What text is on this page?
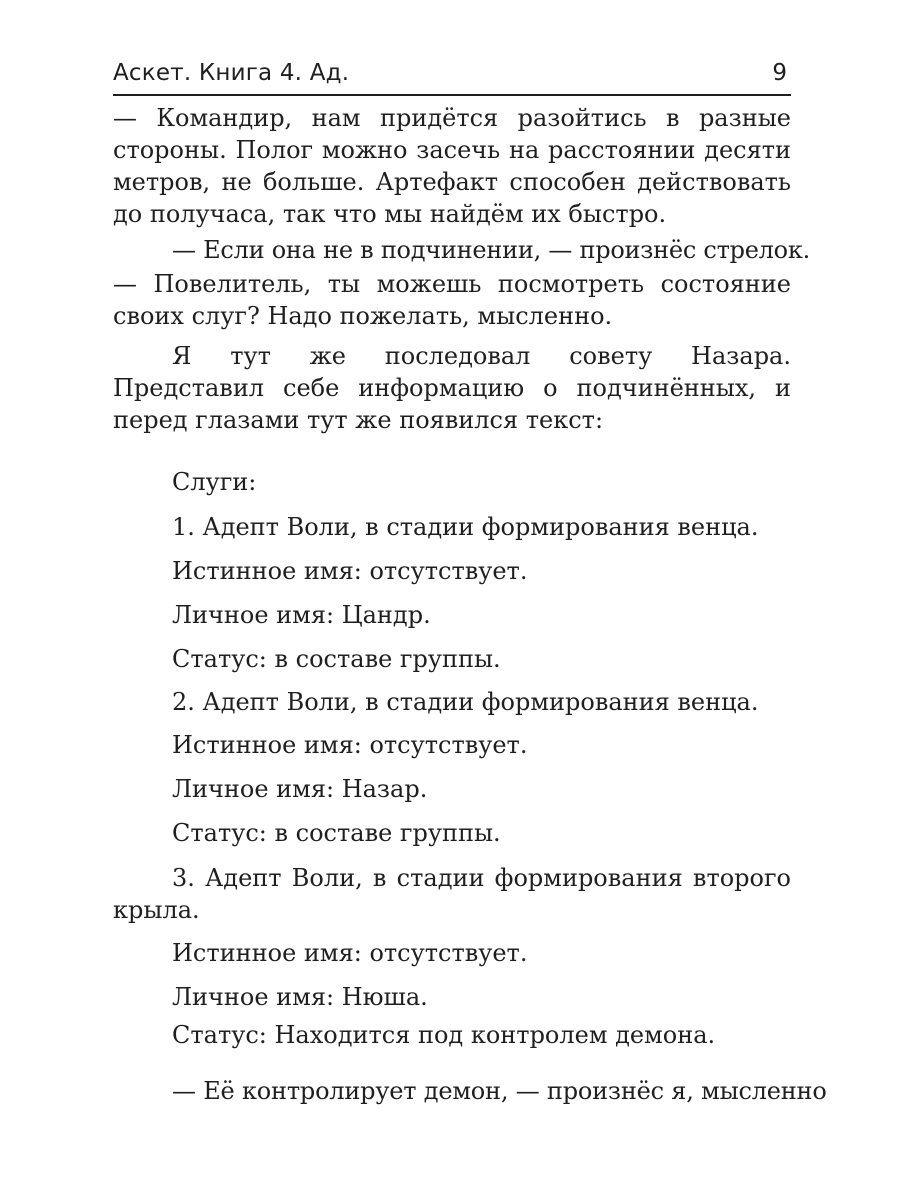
Аскет. Книга 4. Ад.	9

— Командир, нам придётся разойтись в разные стороны. Полог можно засечь на расстоянии десяти метров, не больше. Артефакт способен действовать до получаса, так что мы найдём их быстро.

— Если она не в подчинении, — произнёс стрелок.

— Повелитель, ты можешь посмотреть состояние своих слуг? Надо пожелать, мысленно.

Я тут же последовал совету Назара. Представил себе информацию о подчинённых, и перед глазами тут же появился текст:

Слуги:

1. Адепт Воли, в стадии формирования венца.

Истинное имя: отсутствует.

Личное имя: Цандр.

Статус: в составе группы.

2. Адепт Воли, в стадии формирования венца.

Истинное имя: отсутствует.

Личное имя: Назар.

Статус: в составе группы.

3. Адепт Воли, в стадии формирования второго крыла.

Истинное имя: отсутствует.

Личное имя: Нюша.

Статус: Находится под контролем демона.

— Её контролирует демон, — произнёс я, мысленно
